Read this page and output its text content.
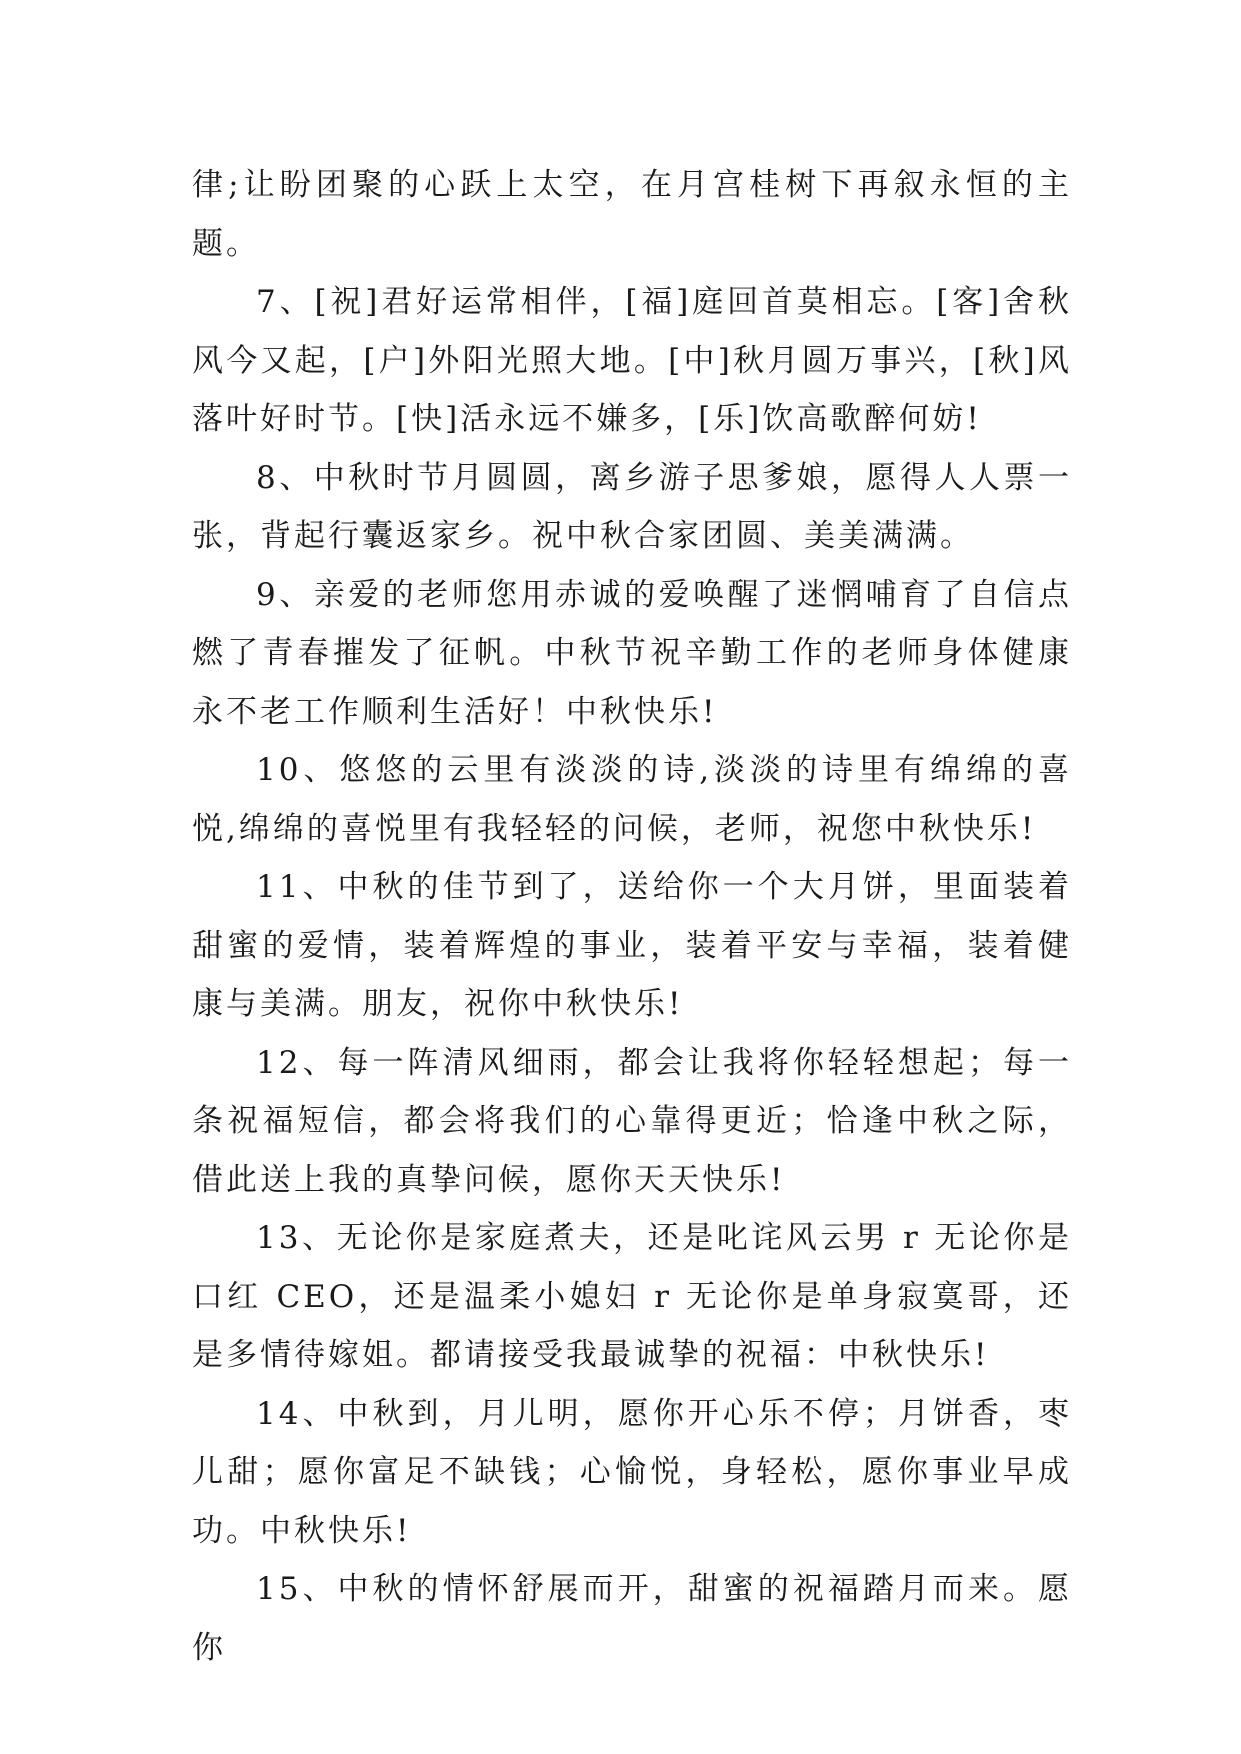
律;让盼团聚的心跃上太空，在月宫桂树下再叙永恒的主题。

7、[祝]君好运常相伴，[福]庭回首莫相忘。[客]舍秋风今又起，[户]外阳光照大地。[中]秋月圆万事兴，[秋]风落叶好时节。[快]活永远不嫌多，[乐]饮高歌醉何妨!

8、中秋时节月圆圆，离乡游子思爹娘，愿得人人票一张，背起行囊返家乡。祝中秋合家团圆、美美满满。

9、亲爱的老师您用赤诚的爱唤醒了迷惘哺育了自信点燃了青春摧发了征帆。中秋节祝辛勤工作的老师身体健康永不老工作顺利生活好！中秋快乐!

10、悠悠的云里有淡淡的诗,淡淡的诗里有绵绵的喜悦,绵绵的喜悦里有我轻轻的问候，老师，祝您中秋快乐!

11、中秋的佳节到了，送给你一个大月饼，里面装着甜蜜的爱情，装着辉煌的事业，装着平安与幸福，装着健康与美满。朋友，祝你中秋快乐!

12、每一阵清风细雨，都会让我将你轻轻想起；每一条祝福短信，都会将我们的心靠得更近；恰逢中秋之际，借此送上我的真挚问候，愿你天天快乐!

13、无论你是家庭煮夫，还是叱诧风云男 r 无论你是口红 CEO，还是温柔小媳妇 r 无论你是单身寂寞哥，还是多情待嫁姐。都请接受我最诚挚的祝福：中秋快乐!

14、中秋到，月儿明，愿你开心乐不停；月饼香，枣儿甜；愿你富足不缺钱；心愉悦，身轻松，愿你事业早成功。中秋快乐!

15、中秋的情怀舒展而开，甜蜜的祝福踏月而来。愿你
